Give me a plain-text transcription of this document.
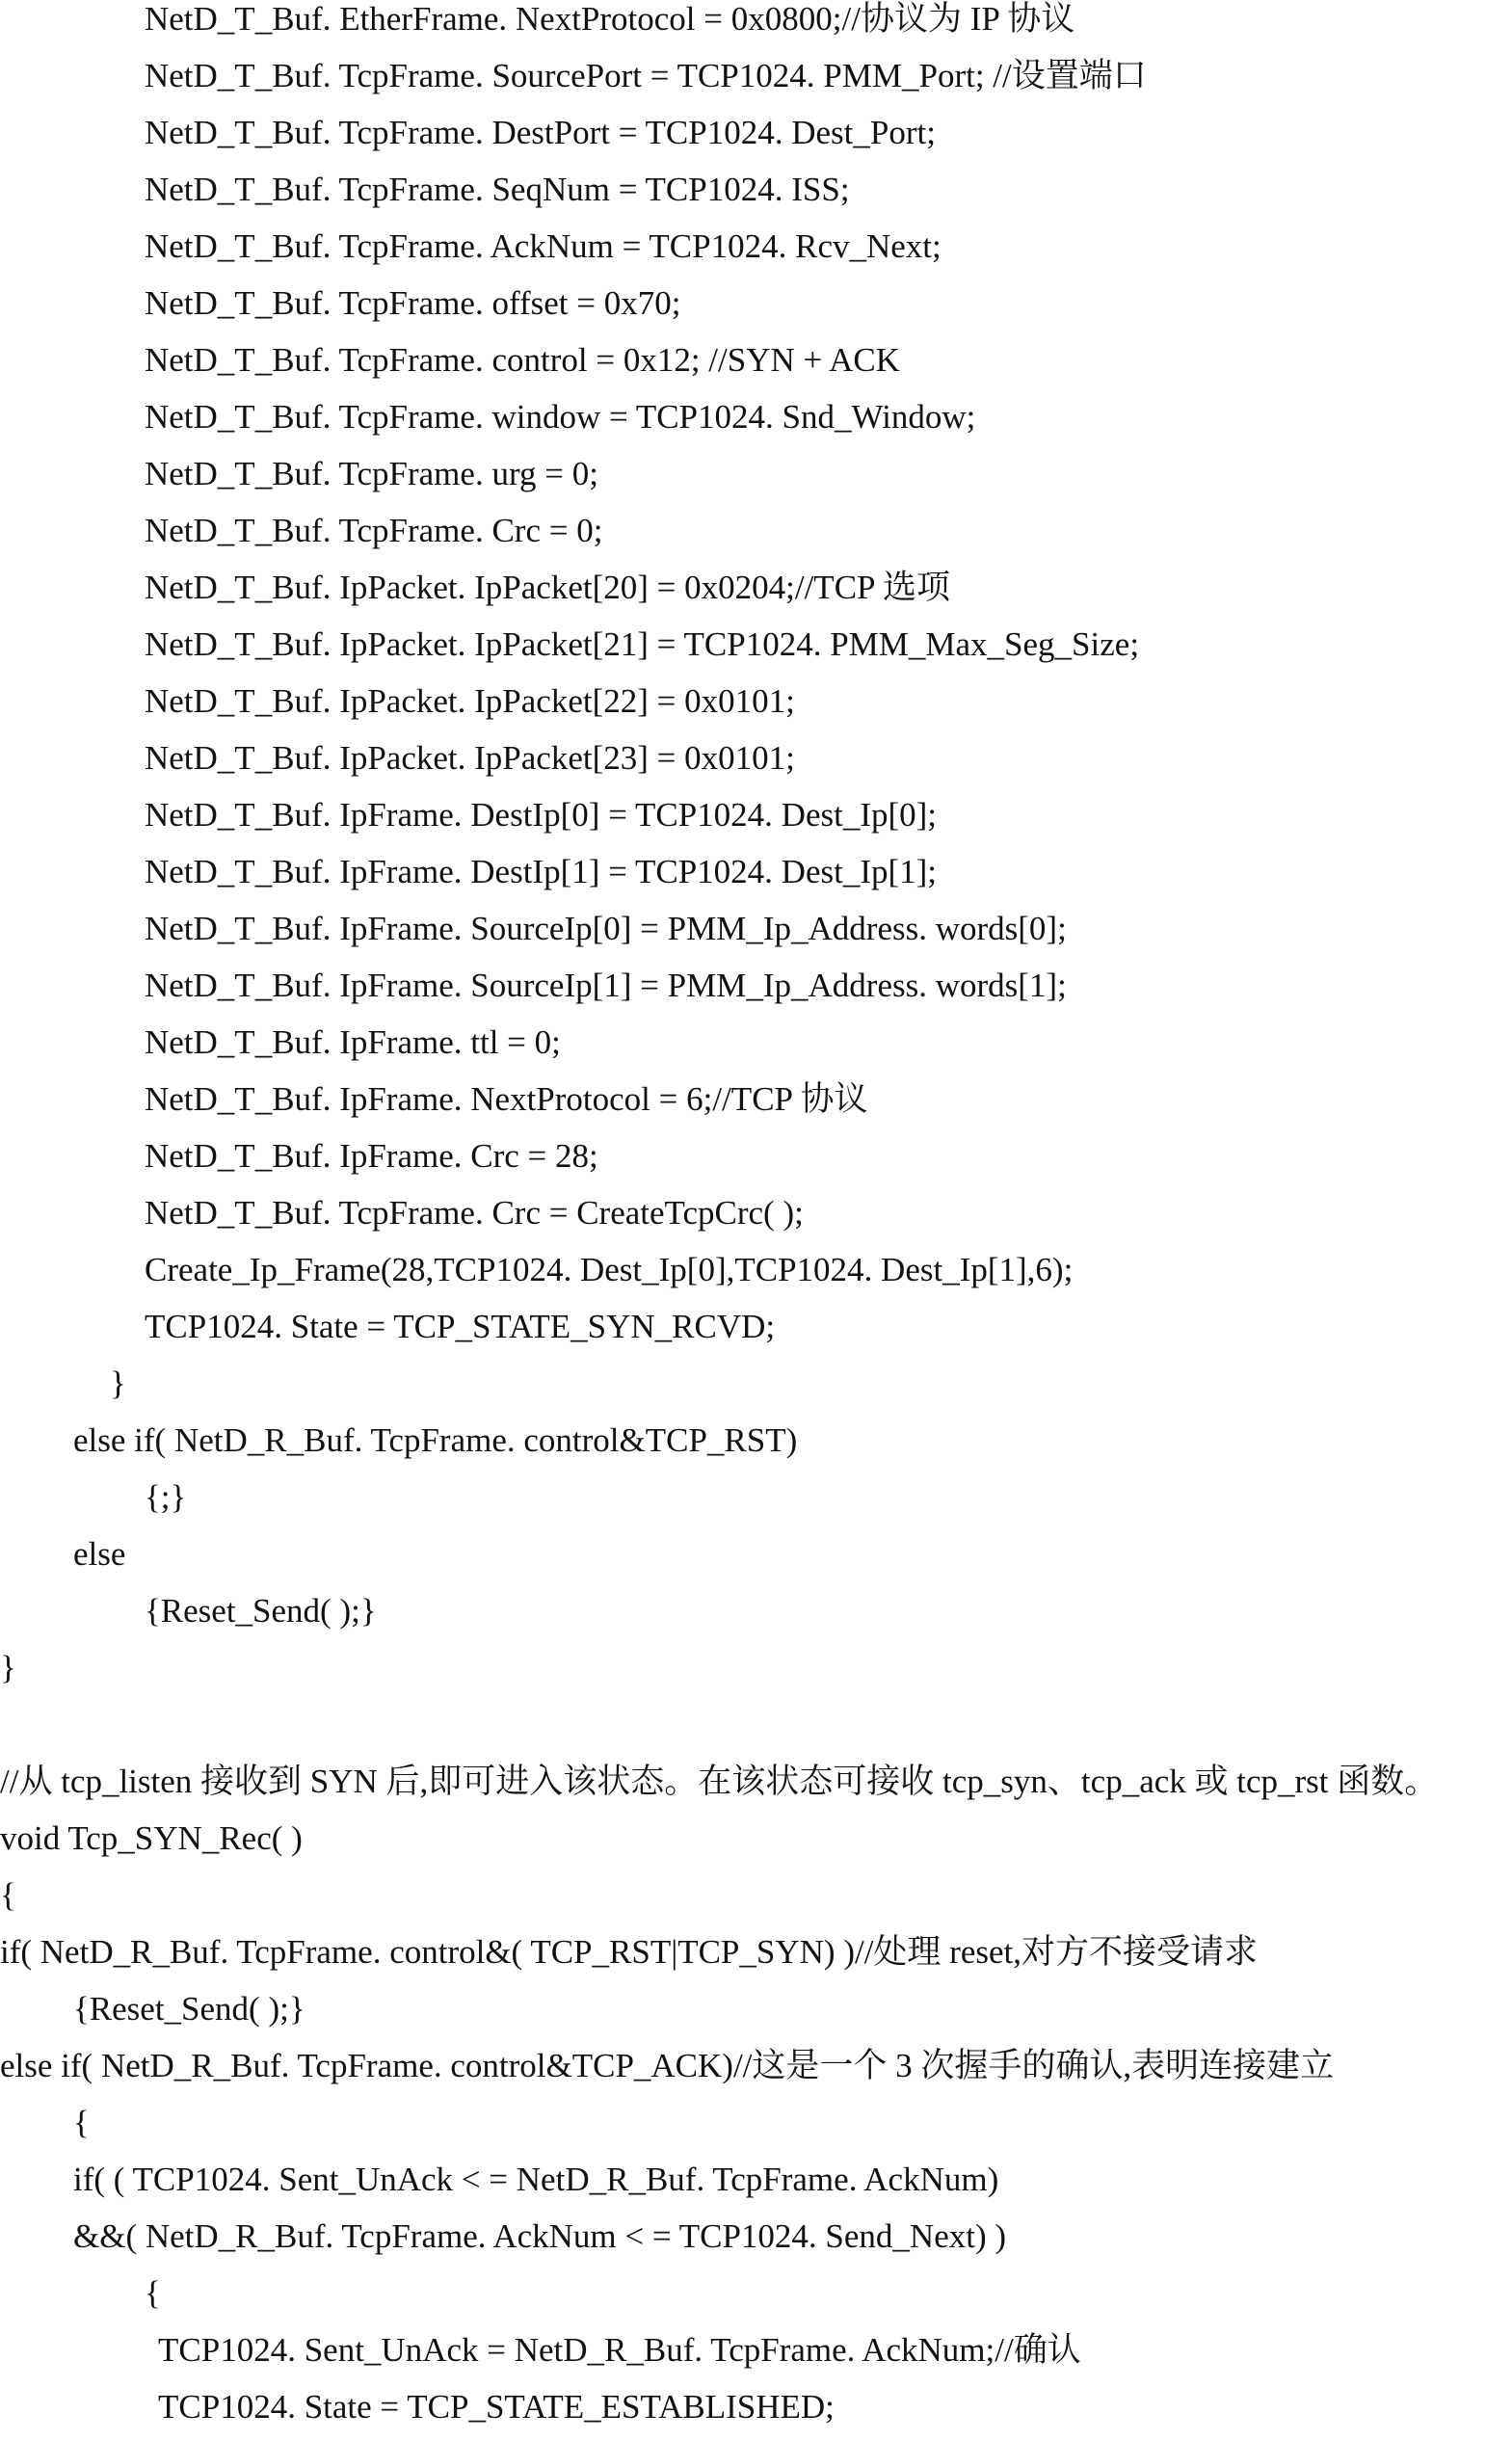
NetD_T_Buf. EtherFrame. NextProtocol = 0x0800;//协议为 IP 协议
NetD_T_Buf. TcpFrame. SourcePort = TCP1024. PMM_Port; //设置端口
NetD_T_Buf. TcpFrame. DestPort = TCP1024. Dest_Port;
NetD_T_Buf. TcpFrame. SeqNum = TCP1024. ISS;
NetD_T_Buf. TcpFrame. AckNum = TCP1024. Rcv_Next;
NetD_T_Buf. TcpFrame. offset = 0x70;
NetD_T_Buf. TcpFrame. control = 0x12; //SYN + ACK
NetD_T_Buf. TcpFrame. window = TCP1024. Snd_Window;
NetD_T_Buf. TcpFrame. urg = 0;
NetD_T_Buf. TcpFrame. Crc = 0;
NetD_T_Buf. IpPacket. IpPacket[20] = 0x0204;//TCP 选项
NetD_T_Buf. IpPacket. IpPacket[21] = TCP1024. PMM_Max_Seg_Size;
NetD_T_Buf. IpPacket. IpPacket[22] = 0x0101;
NetD_T_Buf. IpPacket. IpPacket[23] = 0x0101;
NetD_T_Buf. IpFrame. DestIp[0] = TCP1024. Dest_Ip[0];
NetD_T_Buf. IpFrame. DestIp[1] = TCP1024. Dest_Ip[1];
NetD_T_Buf. IpFrame. SourceIp[0] = PMM_Ip_Address. words[0];
NetD_T_Buf. IpFrame. SourceIp[1] = PMM_Ip_Address. words[1];
NetD_T_Buf. IpFrame. ttl = 0;
NetD_T_Buf. IpFrame. NextProtocol = 6;//TCP 协议
NetD_T_Buf. IpFrame. Crc = 28;
NetD_T_Buf. TcpFrame. Crc = CreateTcpCrc( );
Create_Ip_Frame(28,TCP1024. Dest_Ip[0],TCP1024. Dest_Ip[1],6);
TCP1024. State = TCP_STATE_SYN_RCVD;
}
else if( NetD_R_Buf. TcpFrame. control&TCP_RST)
{;}
else
{Reset_Send( );}
}
//从 tcp_listen 接收到 SYN 后,即可进入该状态。在该状态可接收 tcp_syn、tcp_ack 或 tcp_rst 函数。
void Tcp_SYN_Rec( )
{
if( NetD_R_Buf. TcpFrame. control&( TCP_RST|TCP_SYN) )//处理 reset,对方不接受请求
{Reset_Send( );}
else if( NetD_R_Buf. TcpFrame. control&TCP_ACK)//这是一个 3 次握手的确认,表明连接建立
{
if( ( TCP1024. Sent_UnAck < = NetD_R_Buf. TcpFrame. AckNum)
&&( NetD_R_Buf. TcpFrame. AckNum < = TCP1024. Send_Next) )
{
TCP1024. Sent_UnAck = NetD_R_Buf. TcpFrame. AckNum;//确认
TCP1024. State = TCP_STATE_ESTABLISHED;
